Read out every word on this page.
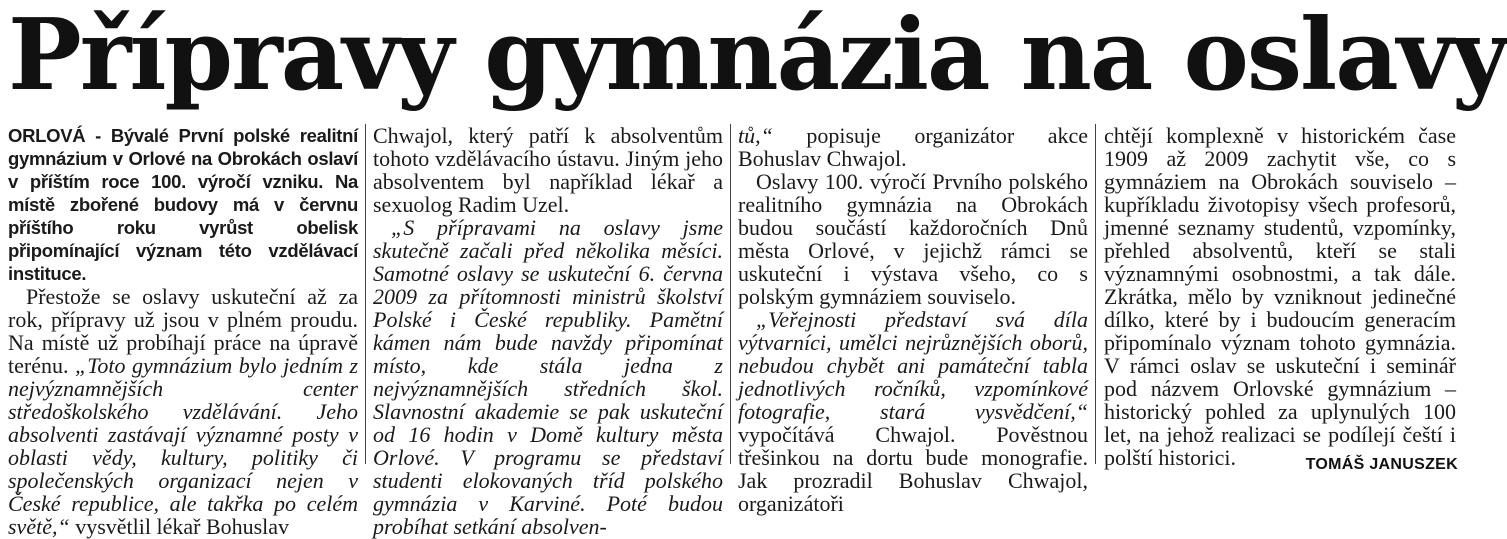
Přípravy gymnázia na oslavy

ORLOVÁ - Bývalé První polské realitní gymnázium v Orlové na Obrokách oslaví v příštím roce 100. výročí vzniku. Na místě zbořené budovy má v červnu příštího roku vyrůst obelisk připomínající význam této vzdělávací instituce.

Přestože se oslavy uskuteční až za rok, přípravy už jsou v plném proudu. Na místě už probíhají práce na úpravě terénu. „Toto gymnázium bylo jedním z nejvýznamnějších center středoškolského vzdělávání. Jeho absolventi zastávají významné posty v oblasti vědy, kultury, politiky či společenských organizací nejen v České republice, ale takřka po celém světě,“ vysvětlil lékař Bohuslav

Chwajol, který patří k absolventům tohoto vzdělávacího ústavu. Jiným jeho absolventem byl například lékař a sexuolog Radim Uzel.

„S přípravami na oslavy jsme skutečně začali před několika měsíci. Samotné oslavy se uskuteční 6. června 2009 za přítomnosti ministrů školství Polské i České republiky. Pamětní kámen nám bude navždy připomínat místo, kde stála jedna z nejvýznamnějších středních škol. Slavnostní akademie se pak uskuteční od 16 hodin v Domě kultury města Orlové. V programu se představí studenti elokovaných tříd polského gymnázia v Karviné. Poté budou probíhat setkání absolven-

tů,“ popisuje organizátor akce Bohuslav Chwajol.

Oslavy 100. výročí Prvního polského realitního gymnázia na Obrokách budou součástí každoročních Dnů města Orlové, v jejichž rámci se uskuteční i výstava všeho, co s polským gymnáziem souviselo.

„Veřejnosti představí svá díla výtvarníci, umělci nejrůznějších oborů, nebudou chybět ani památeční tabla jednotlivých ročníků, vzpomínkové fotografie, stará vysvědčení,“ vypočítává Chwajol. Pověstnou třešinkou na dortu bude monografie. Jak prozradil Bohuslav Chwajol, organizátoři

chtějí komplexně v historickém čase 1909 až 2009 zachytit vše, co s gymnáziem na Obrokách souviselo – kupříkladu životopisy všech profesorů, jmenné seznamy studentů, vzpomínky, přehled absolventů, kteří se stali významnými osobnostmi, a tak dále. Zkrátka, mělo by vzniknout jedinečné dílko, které by i budoucím generacím připomínalo význam tohoto gymnázia. V rámci oslav se uskuteční i seminář pod názvem Orlovské gymnázium – historický pohled za uplynulých 100 let, na jehož realizaci se podílejí čeští i polští historici.	TOMÁŠ JANUSZEK
